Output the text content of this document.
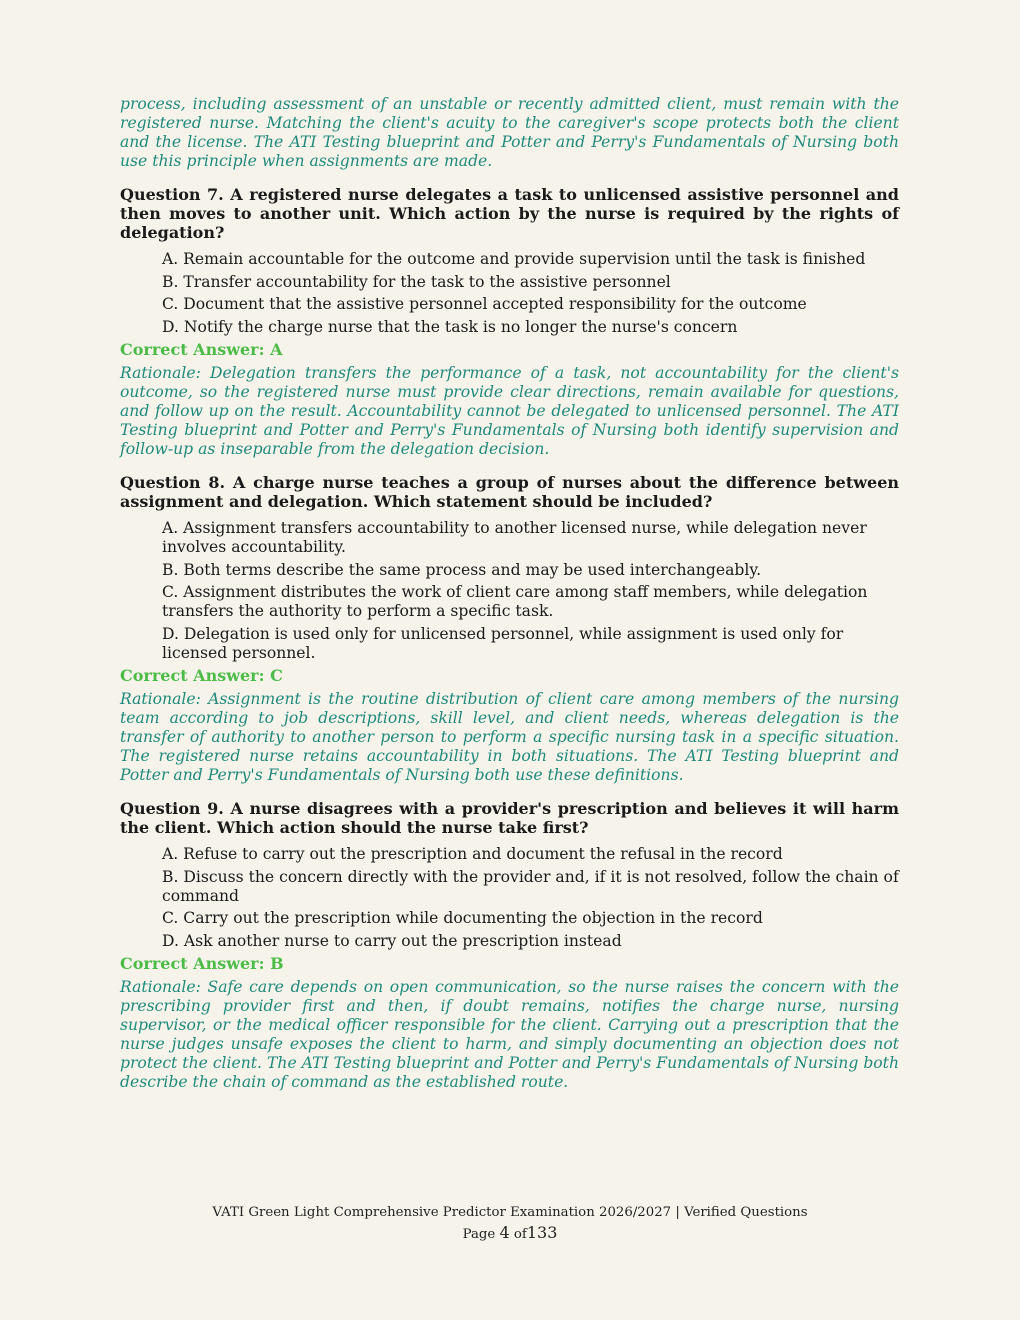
process, including assessment of an unstable or recently admitted client, must remain with the registered nurse. Matching the client's acuity to the caregiver's scope protects both the client and the license. The ATI Testing blueprint and Potter and Perry's Fundamentals of Nursing both use this principle when assignments are made.

Question 7. A registered nurse delegates a task to unlicensed assistive personnel and then moves to another unit. Which action by the nurse is required by the rights of delegation?

A. Remain accountable for the outcome and provide supervision until the task is finished
B. Transfer accountability for the task to the assistive personnel
C. Document that the assistive personnel accepted responsibility for the outcome
D. Notify the charge nurse that the task is no longer the nurse's concern

Correct Answer: A

Rationale: Delegation transfers the performance of a task, not accountability for the client's outcome, so the registered nurse must provide clear directions, remain available for questions, and follow up on the result. Accountability cannot be delegated to unlicensed personnel. The ATI Testing blueprint and Potter and Perry's Fundamentals of Nursing both identify supervision and follow-up as inseparable from the delegation decision.

Question 8. A charge nurse teaches a group of nurses about the difference between assignment and delegation. Which statement should be included?

A. Assignment transfers accountability to another licensed nurse, while delegation never involves accountability.
B. Both terms describe the same process and may be used interchangeably.
C. Assignment distributes the work of client care among staff members, while delegation transfers the authority to perform a specific task.
D. Delegation is used only for unlicensed personnel, while assignment is used only for licensed personnel.

Correct Answer: C

Rationale: Assignment is the routine distribution of client care among members of the nursing team according to job descriptions, skill level, and client needs, whereas delegation is the transfer of authority to another person to perform a specific nursing task in a specific situation. The registered nurse retains accountability in both situations. The ATI Testing blueprint and Potter and Perry's Fundamentals of Nursing both use these definitions.

Question 9. A nurse disagrees with a provider's prescription and believes it will harm the client. Which action should the nurse take first?

A. Refuse to carry out the prescription and document the refusal in the record
B. Discuss the concern directly with the provider and, if it is not resolved, follow the chain of command
C. Carry out the prescription while documenting the objection in the record
D. Ask another nurse to carry out the prescription instead

Correct Answer: B

Rationale: Safe care depends on open communication, so the nurse raises the concern with the prescribing provider first and then, if doubt remains, notifies the charge nurse, nursing supervisor, or the medical officer responsible for the client. Carrying out a prescription that the nurse judges unsafe exposes the client to harm, and simply documenting an objection does not protect the client. The ATI Testing blueprint and Potter and Perry's Fundamentals of Nursing both describe the chain of command as the established route.

VATI Green Light Comprehensive Predictor Examination 2026/2027 | Verified Questions
Page 4 of133
